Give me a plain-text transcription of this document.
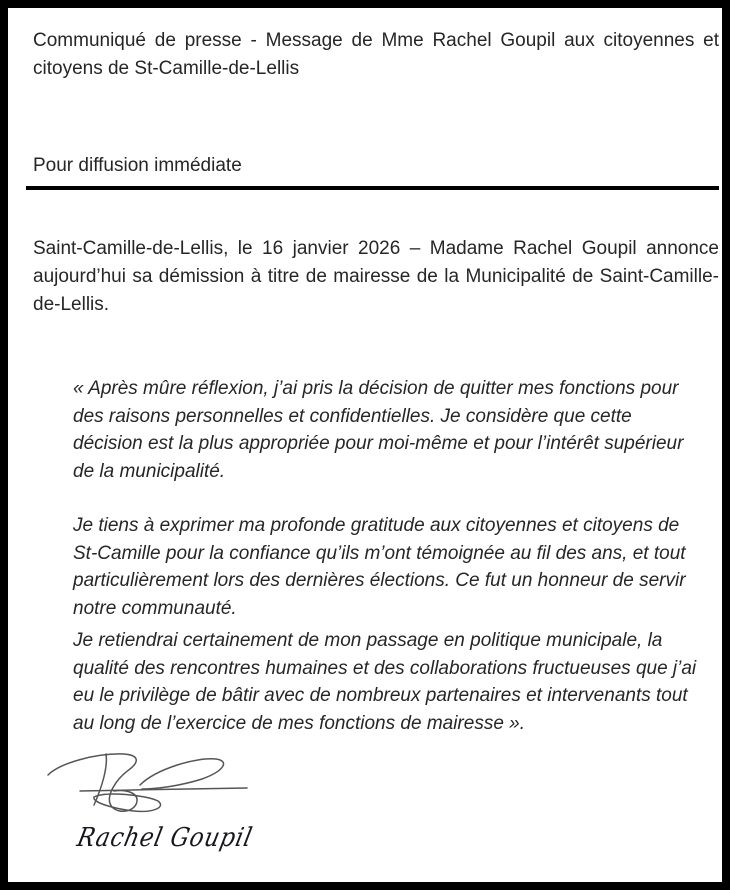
Communiqué de presse - Message de Mme Rachel Goupil aux citoyennes et citoyens de St-Camille-de-Lellis

Pour diffusion immédiate

Saint-Camille-de-Lellis, le 16 janvier 2026 – Madame Rachel Goupil annonce aujourd’hui sa démission à titre de mairesse de la Municipalité de Saint-Camille-de-Lellis.

« Après mûre réflexion, j’ai pris la décision de quitter mes fonctions pour des raisons personnelles et confidentielles. Je considère que cette décision est la plus appropriée pour moi-même et pour l’intérêt supérieur de la municipalité.

Je tiens à exprimer ma profonde gratitude aux citoyennes et citoyens de St-Camille pour la confiance qu’ils m’ont témoignée au fil des ans, et tout particulièrement lors des dernières élections. Ce fut un honneur de servir notre communauté.

Je retiendrai certainement de mon passage en politique municipale, la qualité des rencontres humaines et des collaborations fructueuses que j’ai eu le privilège de bâtir avec de nombreux partenaires et intervenants tout au long de l’exercice de mes fonctions de mairesse ».

Rachel Goupil
